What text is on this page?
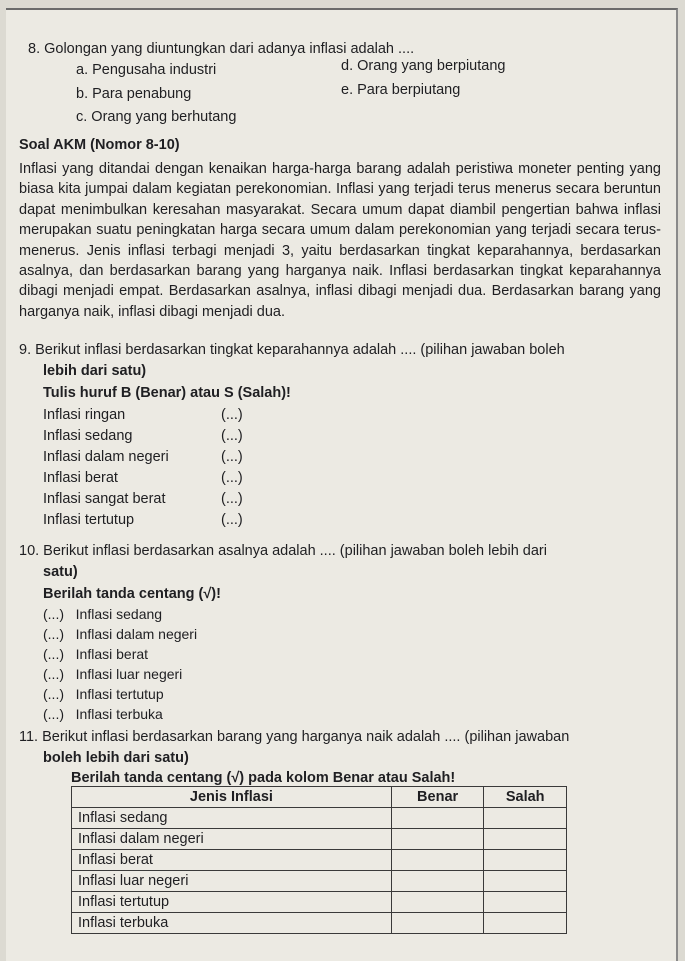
8. Golongan yang diuntungkan dari adanya inflasi adalah ....
a. Pengusaha industri	d. Orang yang berpiutang
b. Para penabung	e. Para berpiutang
c. Orang yang berhutang
Soal AKM (Nomor 8-10)

Inflasi yang ditandai dengan kenaikan harga-harga barang adalah peristiwa moneter penting yang biasa kita jumpai dalam kegiatan perekonomian. Inflasi yang terjadi terus menerus secara beruntun dapat menimbulkan keresahan masyarakat. Secara umum dapat diambil pengertian bahwa inflasi merupakan suatu peningkatan harga secara umum dalam perekonomian yang terjadi secara terus-menerus. Jenis inflasi terbagi menjadi 3, yaitu berdasarkan tingkat keparahannya, berdasarkan asalnya, dan berdasarkan barang yang harganya naik. Inflasi berdasarkan tingkat keparahannya dibagi menjadi empat. Berdasarkan asalnya, inflasi dibagi menjadi dua. Berdasarkan barang yang harganya naik, inflasi dibagi menjadi dua.

9. Berikut inflasi berdasarkan tingkat keparahannya adalah .... (pilihan jawaban boleh
lebih dari satu)
Tulis huruf B (Benar) atau S (Salah)!
Inflasi ringan	(...)
Inflasi sedang	(...)
Inflasi dalam negeri	(...)
Inflasi berat	(...)
Inflasi sangat berat	(...)
Inflasi tertutup	(...)
10. Berikut inflasi berdasarkan asalnya adalah .... (pilihan jawaban boleh lebih dari
satu)
Berilah tanda centang (√)!
(...) Inflasi sedang
(...) Inflasi dalam negeri
(...) Inflasi berat
(...) Inflasi luar negeri
(...) Inflasi tertutup
(...) Inflasi terbuka
11. Berikut inflasi berdasarkan barang yang harganya naik adalah .... (pilihan jawaban
boleh lebih dari satu)
Berilah tanda centang (√) pada kolom Benar atau Salah!
Jenis Inflasi	Benar	Salah
Inflasi sedang		
Inflasi dalam negeri		
Inflasi berat		
Inflasi luar negeri		
Inflasi tertutup		
Inflasi terbuka		
